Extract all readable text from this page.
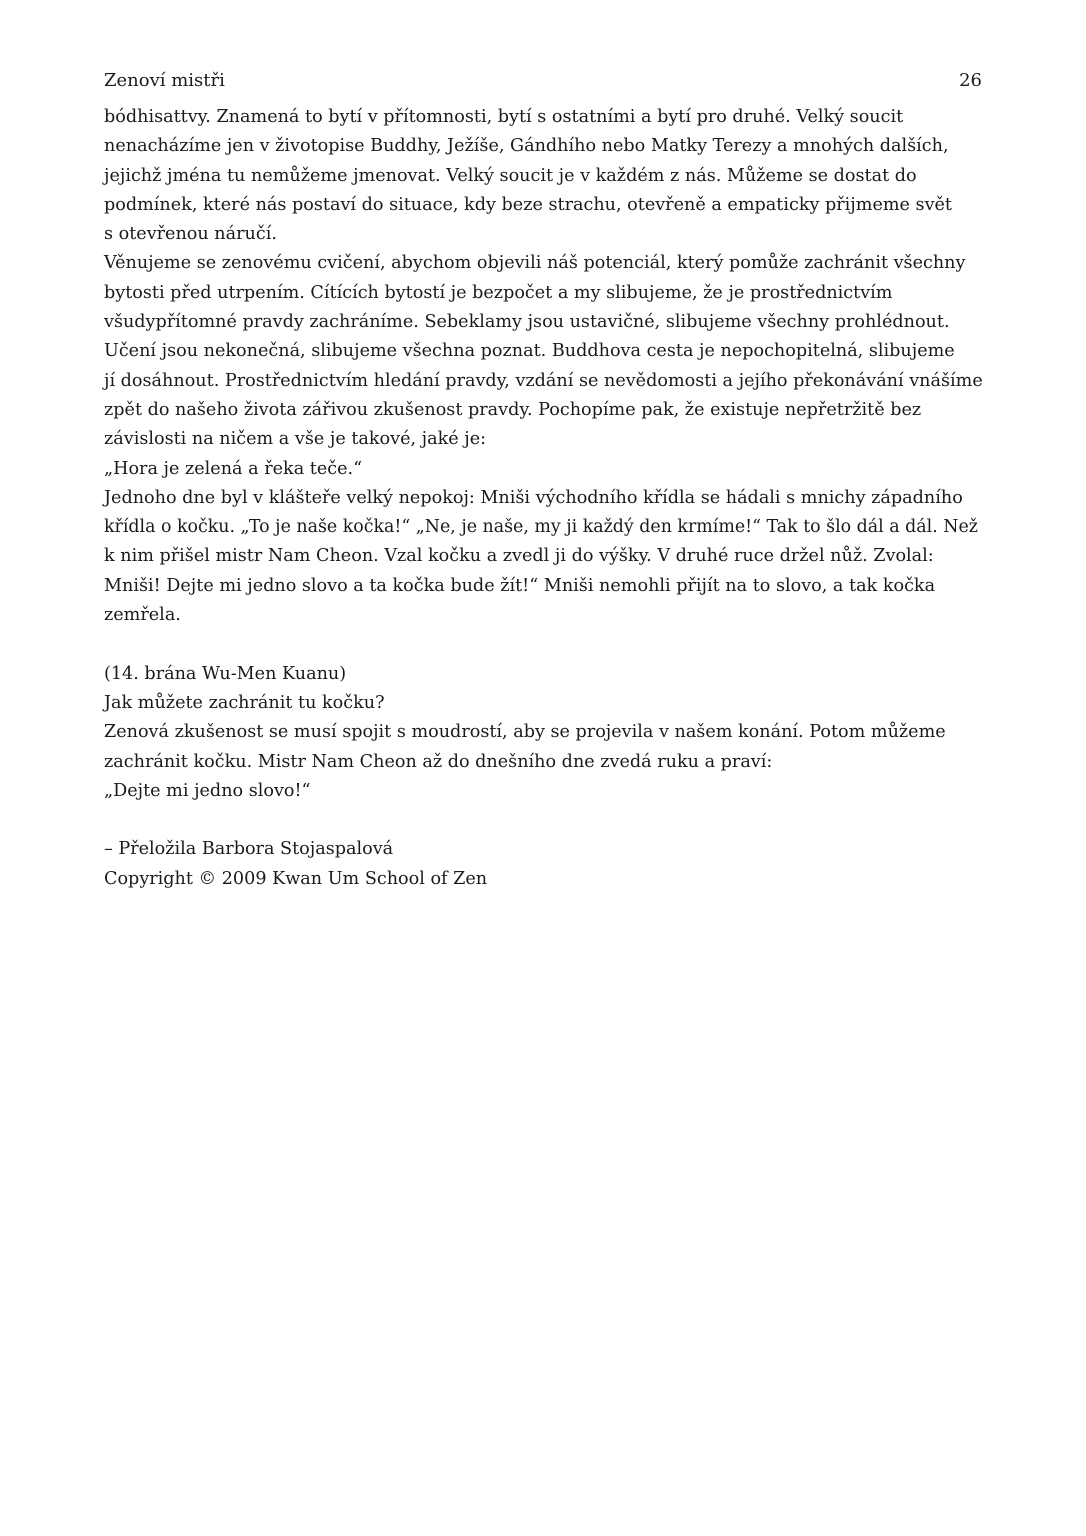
Zenoví mistři	26
bódhisattvy. Znamená to bytí v přítomnosti, bytí s ostatními a bytí pro druhé. Velký soucit
nenacházíme jen v životopise Buddhy, Ježíše, Gándhího nebo Matky Terezy a mnohých dalších,
jejichž jména tu nemůžeme jmenovat. Velký soucit je v každém z nás. Můžeme se dostat do
podmínek, které nás postaví do situace, kdy beze strachu, otevřeně a empaticky přijmeme svět
s otevřenou náručí.
Věnujeme se zenovému cvičení, abychom objevili náš potenciál, který pomůže zachránit všechny
bytosti před utrpením. Cítících bytostí je bezpočet a my slibujeme, že je prostřednictvím
všudypřítomné pravdy zachráníme. Sebeklamy jsou ustavičné, slibujeme všechny prohlédnout.
Učení jsou nekonečná, slibujeme všechna poznat. Buddhova cesta je nepochopitelná, slibujeme
jí dosáhnout. Prostřednictvím hledání pravdy, vzdání se nevědomosti a jejího překonávání vnášíme
zpět do našeho života zářivou zkušenost pravdy. Pochopíme pak, že existuje nepřetržitě bez
závislosti na ničem a vše je takové, jaké je:
„Hora je zelená a řeka teče.“
Jednoho dne byl v klášteře velký nepokoj: Mniši východního křídla se hádali s mnichy západního
křídla o kočku. „To je naše kočka!“ „Ne, je naše, my ji každý den krmíme!“ Tak to šlo dál a dál. Než
k nim přišel mistr Nam Cheon. Vzal kočku a zvedl ji do výšky. V druhé ruce držel nůž. Zvolal:
Mniši! Dejte mi jedno slovo a ta kočka bude žít!“ Mniši nemohli přijít na to slovo, a tak kočka
zemřela.
(14. brána Wu-Men Kuanu)
Jak můžete zachránit tu kočku?
Zenová zkušenost se musí spojit s moudrostí, aby se projevila v našem konání. Potom můžeme
zachránit kočku. Mistr Nam Cheon až do dnešního dne zvedá ruku a praví:
„Dejte mi jedno slovo!“
– Přeložila Barbora Stojaspalová
Copyright © 2009 Kwan Um School of Zen
